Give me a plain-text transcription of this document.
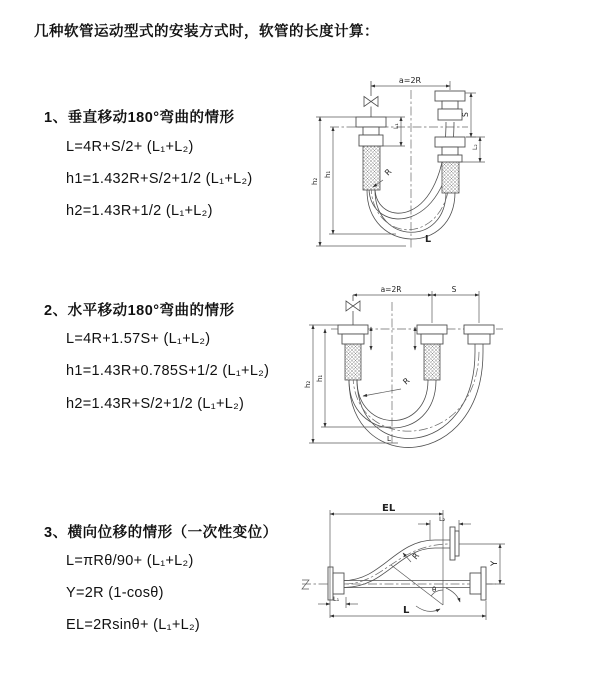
几种软管运动型式的安装方式时，软管的长度计算：
1、垂直移动180°弯曲的情形
L=4R+S/2+ (L₁+L₂)
h1=1.432R+S/2+1/2 (L₁+L₂)
h2=1.43R+1/2 (L₁+L₂)
2、水平移动180°弯曲的情形
L=4R+1.57S+ (L₁+L₂)
h1=1.43R+0.785S+1/2 (L₁+L₂)
h2=1.43R+S/2+1/2 (L₁+L₂)
3、横向位移的情形（一次性变位）
L=πRθ/90+ (L₁+L₂)
Y=2R (1-cosθ)
EL=2Rsinθ+ (L₁+L₂)
a=2R
h₂
h₁
L₁
S
L₂
R
L
a=2R	S
h₂
h₁	R
L
θ
EL
L₂
Y
R
L₁
L
